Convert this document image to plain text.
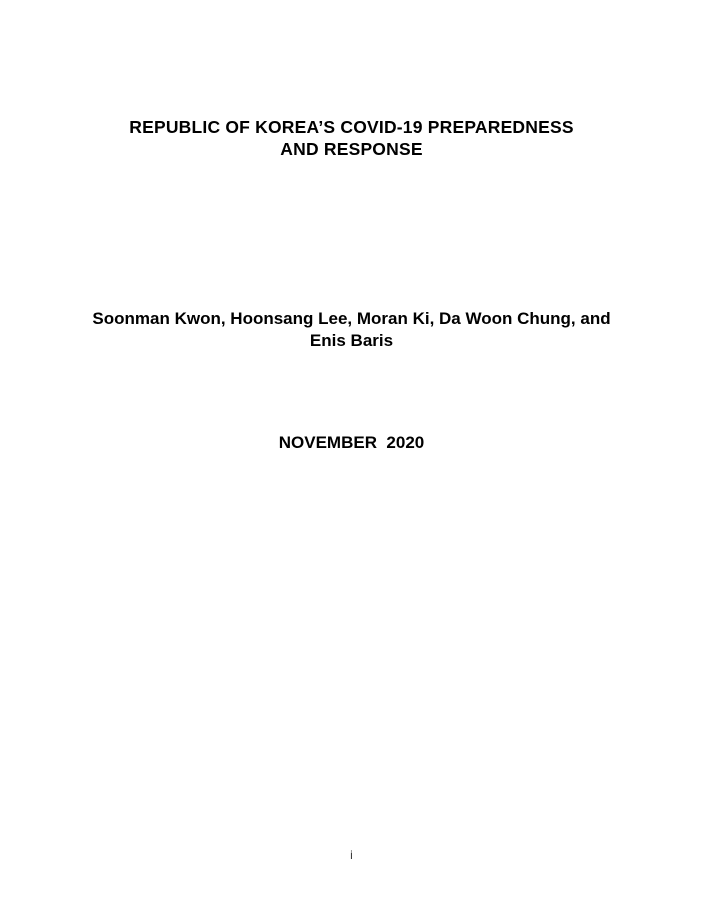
REPUBLIC OF KOREA’S COVID-19 PREPAREDNESS
AND RESPONSE
Soonman Kwon, Hoonsang Lee, Moran Ki, Da Woon Chung, and
Enis Baris
NOVEMBER  2020
i
